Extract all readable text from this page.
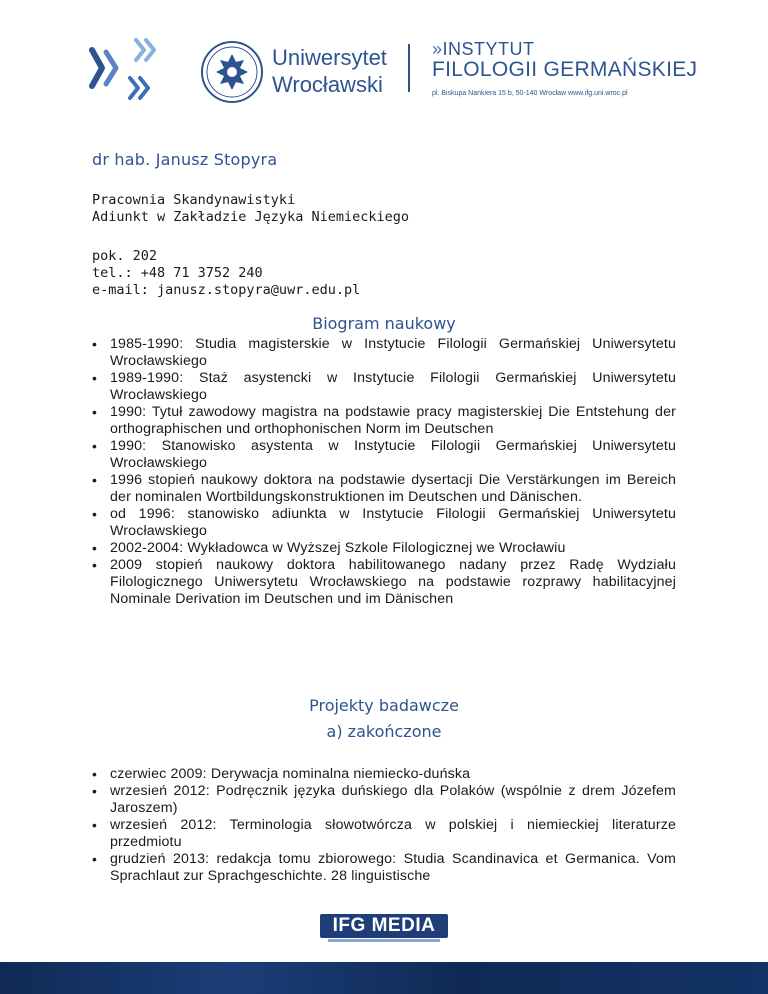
Uniwersytet
Wrocławski
»INSTYTUT
FILOLOGII GERMAŃSKIEJ
pl. Biskupa Nankiera 15 b, 50-140 Wrocław www.ifg.uni.wroc.pl
dr hab. Janusz Stopyra
Pracownia Skandynawistyki
Adiunkt w Zakładzie Języka Niemieckiego
pok. 202
tel.: +48 71 3752 240
e-mail: janusz.stopyra@uwr.edu.pl
Biogram naukowy
• 1985-1990: Studia magisterskie w Instytucie Filologii Germańskiej Uniwersytetu Wrocławskiego
• 1989-1990: Staż asystencki w Instytucie Filologii Germańskiej Uniwersytetu Wrocławskiego
• 1990: Tytuł zawodowy magistra na podstawie pracy magisterskiej Die Entstehung der orthographischen und orthophonischen Norm im Deutschen
• 1990: Stanowisko asystenta w Instytucie Filologii Germańskiej Uniwersytetu Wrocławskiego
• 1996 stopień naukowy doktora na podstawie dysertacji Die Verstärkungen im Bereich der nominalen Wortbildungskonstruktionen im Deutschen und Dänischen.
• od 1996: stanowisko adiunkta w Instytucie Filologii Germańskiej Uniwersytetu Wrocławskiego
• 2002-2004: Wykładowca w Wyższej Szkole Filologicznej we Wrocławiu
• 2009 stopień naukowy doktora habilitowanego nadany przez Radę Wydziału Filologicznego Uniwersytetu Wrocławskiego na podstawie rozprawy habilitacyjnej Nominale Derivation im Deutschen und im Dänischen
Projekty badawcze
a) zakończone
• czerwiec 2009: Derywacja nominalna niemiecko-duńska
• wrzesień 2012: Podręcznik języka duńskiego dla Polaków (wspólnie z drem Józefem Jaroszem)
• wrzesień 2012: Terminologia słowotwórcza w polskiej i niemieckiej literaturze przedmiotu
• grudzień 2013: redakcja tomu zbiorowego: Studia Scandinavica et Germanica. Vom Sprachlaut zur Sprachgeschichte. 28 linguistische
IFG MEDIA
